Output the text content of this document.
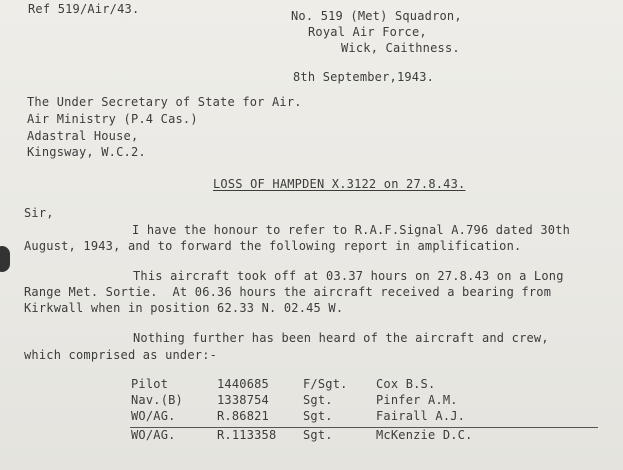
Ref 519/Air/43.	No. 519 (Met) Squadron,
Royal Air Force,
Wick, Caithness.
8th September,1943.
The Under Secretary of State for Air.
Air Ministry (P.4 Cas.)
Adastral House,
Kingsway, W.C.2.
LOSS OF HAMPDEN X.3122 on 27.8.43.
Sir,
I have the honour to refer to R.A.F.Signal A.796 dated 30th
August, 1943, and to forward the following report in amplification.
This aircraft took off at 03.37 hours on 27.8.43 on a Long
Range Met. Sortie.  At 06.36 hours the aircraft received a bearing from
Kirkwall when in position 62.33 N. 02.45 W.
Nothing further has been heard of the aircraft and crew,
which comprised as under:-
Pilot	1440685	F/Sgt. Cox B.S.
Nav.(B)	1338754	Sgt.	Pinfer A.M.
WO/AG.	R.86821	Sgt.	Fairall A.J.
WO/AG.	R.113358 Sgt.	McKenzie D.C.
